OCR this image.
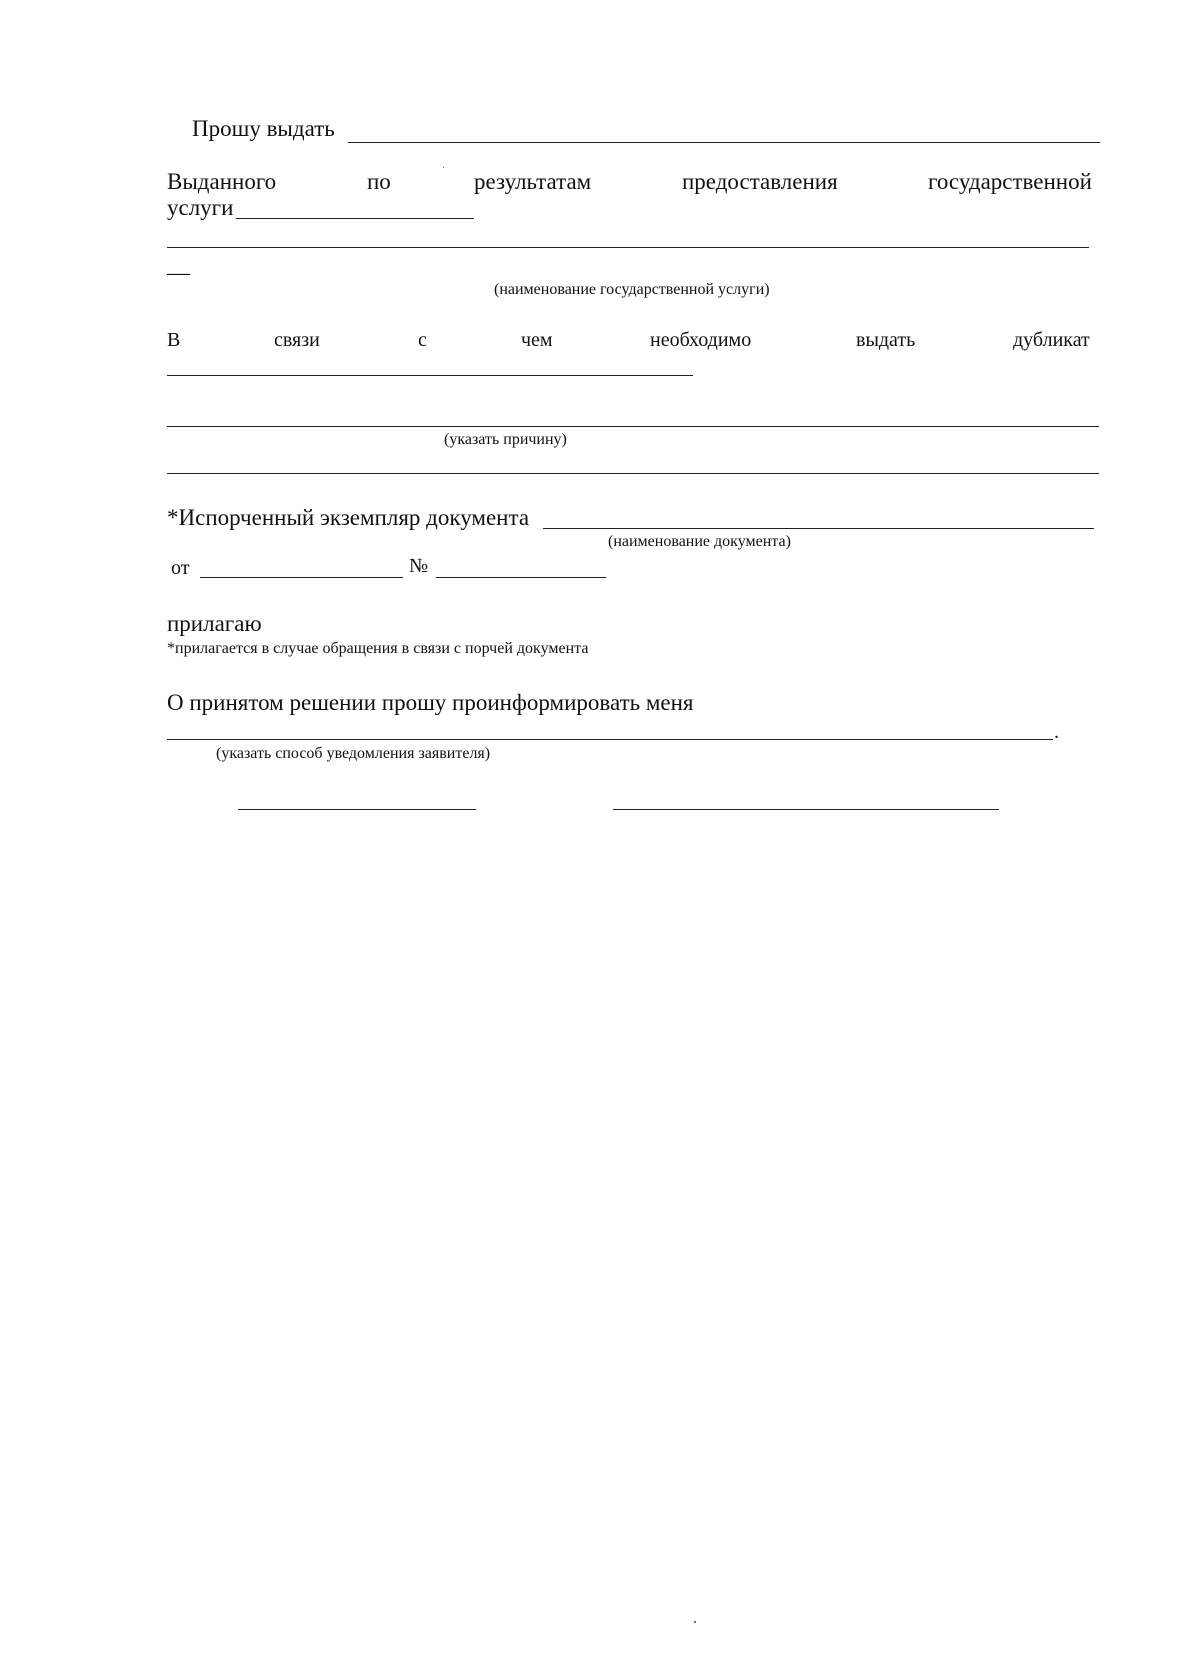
Прошу выдать
Выданного	по	результатам	предоставления	государственной
услуги
—
(наименование государственной услуги)
В	связи	с	чем	необходимо	выдать	дубликат
(указать причину)
*Испорченный экземпляр документа
(наименование документа)
от	№
прилагаю
*прилагается в случае обращения в связи с порчей документа
О принятом решении прошу проинформировать меня
.
(указать способ уведомления заявителя)
